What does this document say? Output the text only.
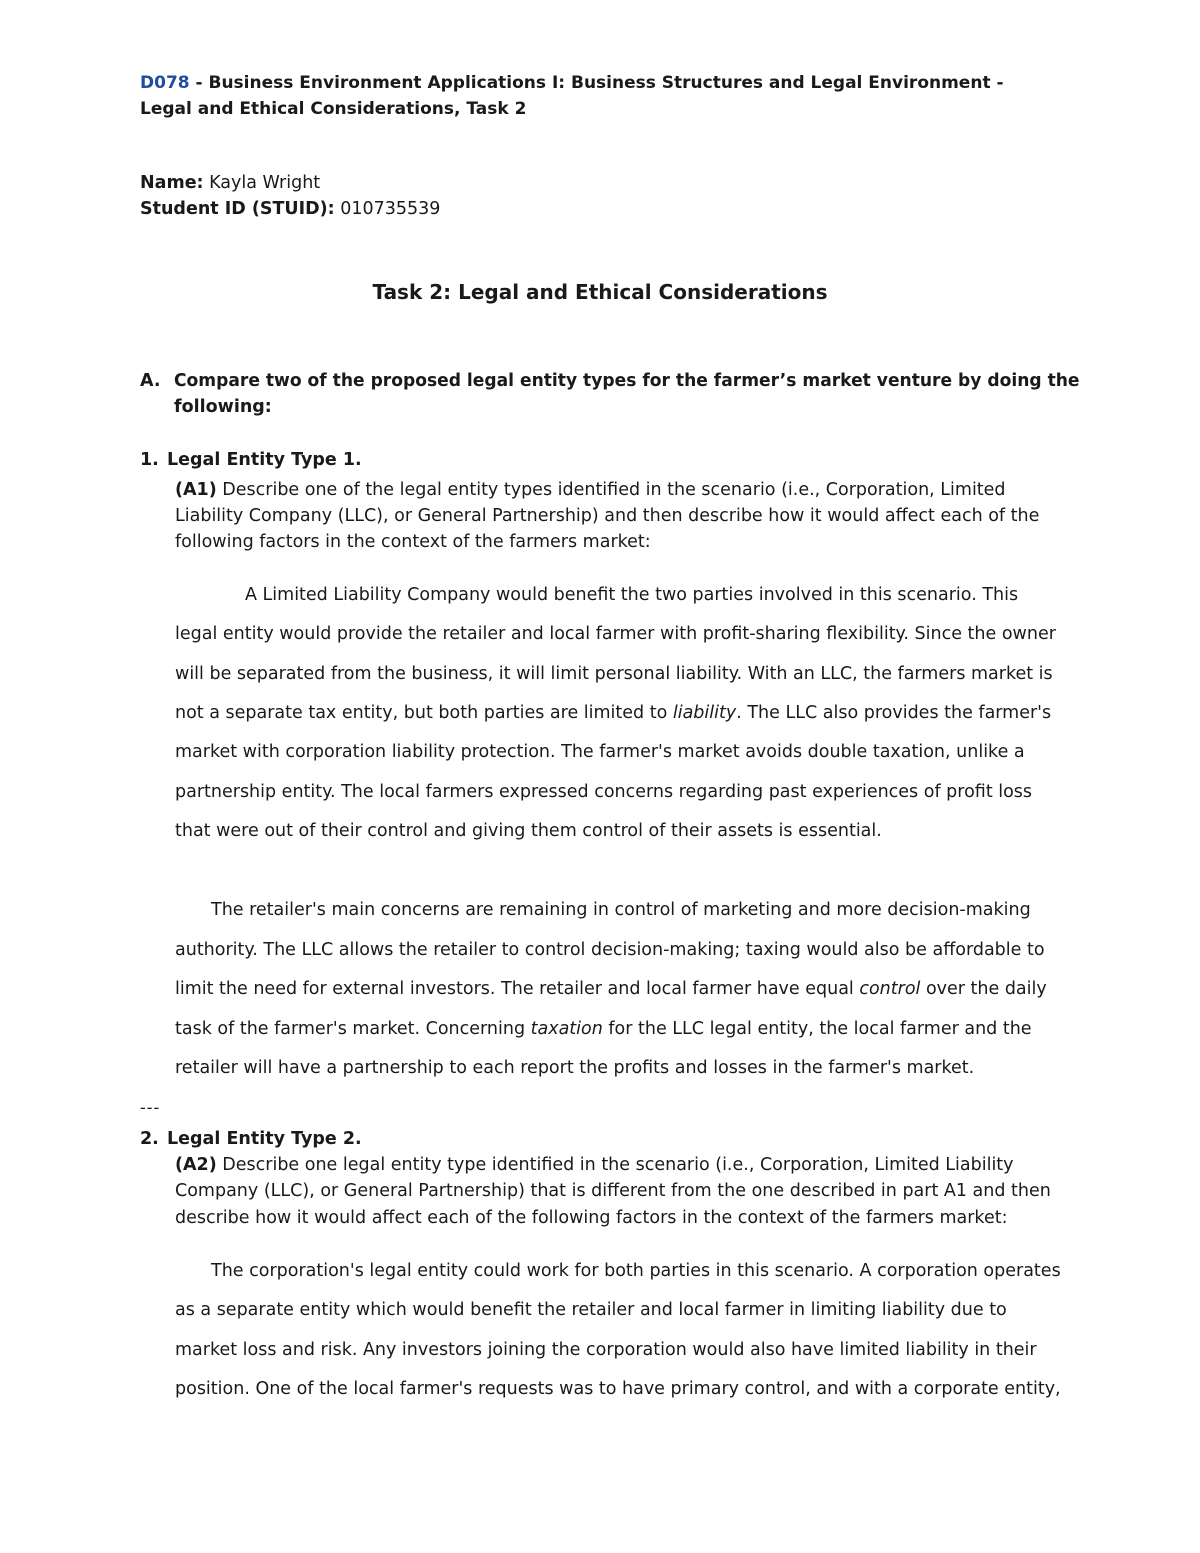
D078 - Business Environment Applications I: Business Structures and Legal Environment - Legal and Ethical Considerations, Task 2
Name: Kayla Wright
Student ID (STUID): 010735539
Task 2: Legal and Ethical Considerations
A. Compare two of the proposed legal entity types for the farmer’s market venture by doing the
following:
1. Legal Entity Type 1.
(A1) Describe one of the legal entity types identified in the scenario (i.e., Corporation, Limited
Liability Company (LLC), or General Partnership) and then describe how it would affect each of the
following factors in the context of the farmers market:
A Limited Liability Company would benefit the two parties involved in this scenario. This
legal entity would provide the retailer and local farmer with profit-sharing flexibility. Since the owner
will be separated from the business, it will limit personal liability. With an LLC, the farmers market is
not a separate tax entity, but both parties are limited to liability. The LLC also provides the farmer's
market with corporation liability protection. The farmer's market avoids double taxation, unlike a
partnership entity. The local farmers expressed concerns regarding past experiences of profit loss
that were out of their control and giving them control of their assets is essential.
The retailer's main concerns are remaining in control of marketing and more decision-making
authority. The LLC allows the retailer to control decision-making; taxing would also be affordable to
limit the need for external investors. The retailer and local farmer have equal control over the daily
task of the farmer's market. Concerning taxation for the LLC legal entity, the local farmer and the
retailer will have a partnership to each report the profits and losses in the farmer's market.
---
2. Legal Entity Type 2.
(A2) Describe one legal entity type identified in the scenario (i.e., Corporation, Limited Liability
Company (LLC), or General Partnership) that is different from the one described in part A1 and then
describe how it would affect each of the following factors in the context of the farmers market:
The corporation's legal entity could work for both parties in this scenario. A corporation operates
as a separate entity which would benefit the retailer and local farmer in limiting liability due to
market loss and risk. Any investors joining the corporation would also have limited liability in their
position. One of the local farmer's requests was to have primary control, and with a corporate entity,
